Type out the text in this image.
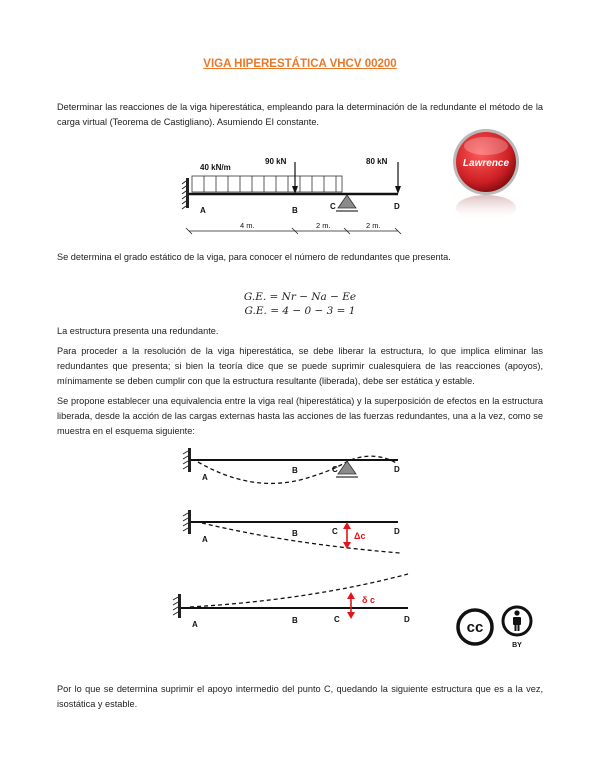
VIGA HIPERESTÁTICA VHCV 00200

Determinar las reacciones de la viga hiperestática, empleando para la determinación de la redundante el método de la carga virtual (Teorema de Castigliano). Asumiendo EI constante.

40 kN/m
90 kN	80 kN
A	B	C	D
4 m.	2 m.	2 m.
Lawrence

Se determina el grado estático de la viga, para conocer el número de redundantes que presenta.

G.E. = Nr − Na − Ee
G.E. = 4 − 0 − 3 = 1

La estructura presenta una redundante.

Para proceder a la resolución de la viga hiperestática, se debe liberar la estructura, lo que implica eliminar las redundantes que presenta; si bien la teoría dice que se puede suprimir cualesquiera de las reacciones (apoyos), mínimamente se deben cumplir con que la estructura resultante (liberada), debe ser estática y estable.

Se propone establecer una equivalencia entre la viga real (hiperestática) y la superposición de efectos en la estructura liberada, desde la acción de las cargas externas hasta las acciones de las fuerzas redundantes, una a la vez, como se muestra en el esquema siguiente:

A
B	C	D
Δc
A
B	C	D
δ c
A	B	C	D	cc
BY

Por lo que se determina suprimir el apoyo intermedio del punto C, quedando la siguiente estructura que es a la vez, isostática y estable.
